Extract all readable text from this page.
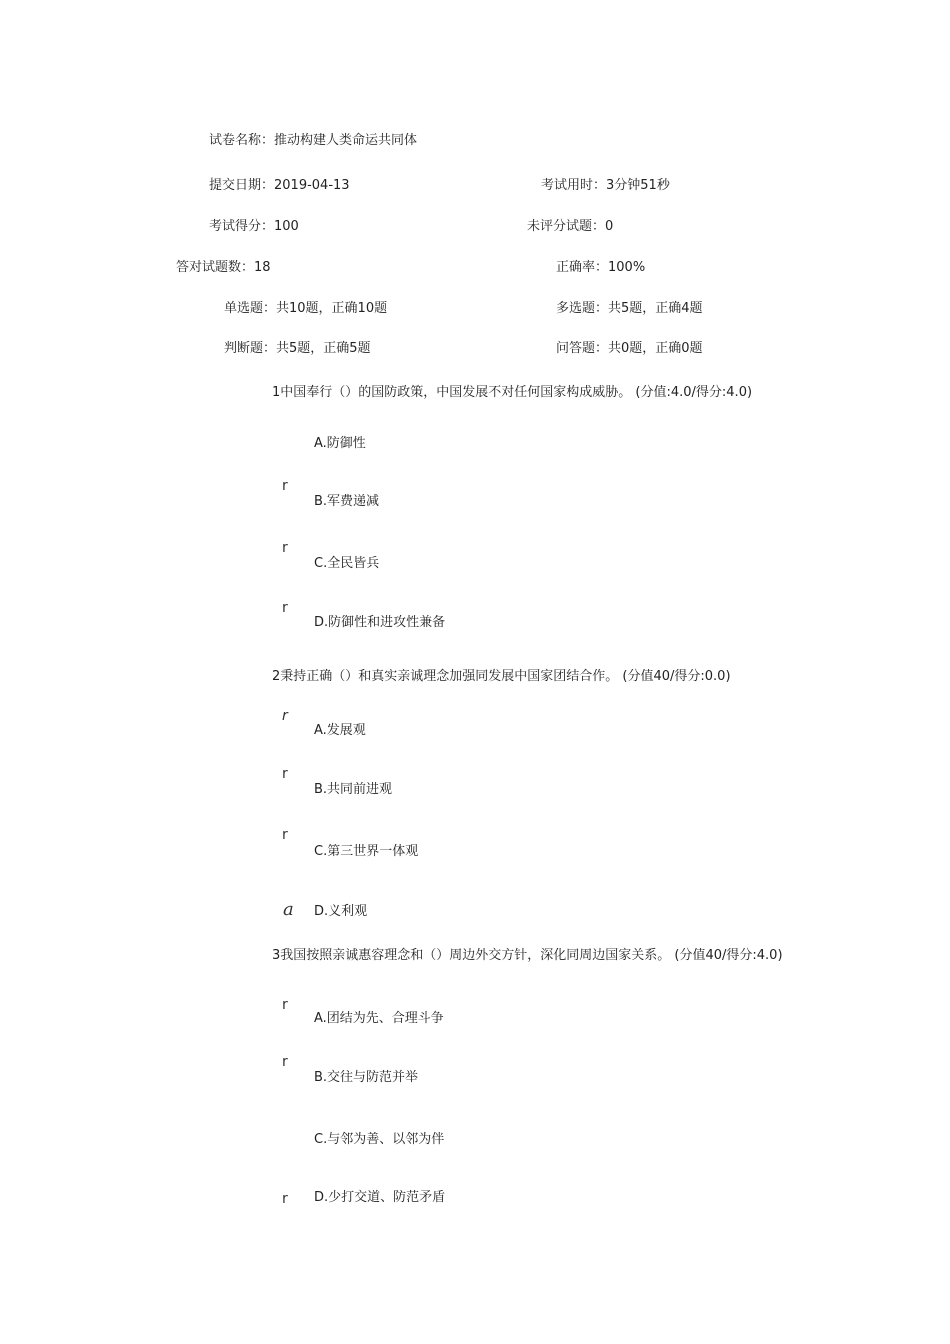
试卷名称：推动构建人类命运共同体
提交日期：2019-04-13	考试用时：3分钟51秒
考试得分：100	未评分试题：0
答对试题数：18	正确率：100%
单选题：共10题，正确10题	多选题：共5题，正确4题
判断题：共5题，正确5题	问答题：共0题，正确0题
1中国奉行（）的国防政策，中国发展不对任何国家构成威胁。 (分值:4.0/得分:4.0)
A.防御性
r
B.军费递减
r
C.全民皆兵
r
D.防御性和进攻性兼备
2秉持正确（）和真实亲诚理念加强同发展中国家团结合作。 (分值40/得分:0.0)
r
A.发展观
r
B.共同前进观
r
C.第三世界一体观
a D.义利观
3我国按照亲诚惠容理念和（）周边外交方针，深化同周边国家关系。 (分值40/得分:4.0)
r
A.团结为先、合理斗争
r
B.交往与防范并举
C.与邻为善、以邻为伴
r D.少打交道、防范矛盾
